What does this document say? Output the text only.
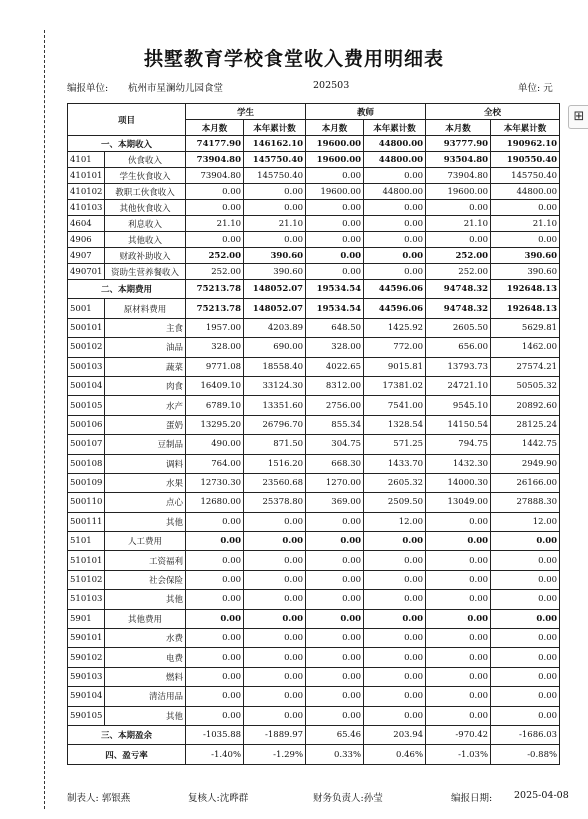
拱墅教育学校食堂收入费用明细表
编报单位: 杭州市星澜幼儿园食堂	202503	单位: 元
⊞
项目		学生		教师		全校	
		本月数	本年累计数	本月数	本年累计数	本月数	本年累计数
一、本期收入		74177.90	146162.10	19600.00	44800.00	93777.90	190962.10
4101	伙食收入	73904.80	145750.40	19600.00	44800.00	93504.80	190550.40
410101	学生伙食收入	73904.80	145750.40	0.00	0.00	73904.80	145750.40
410102	教职工伙食收入	0.00	0.00	19600.00	44800.00	19600.00	44800.00
410103	其他伙食收入	0.00	0.00	0.00	0.00	0.00	0.00
4604	利息收入	21.10	21.10	0.00	0.00	21.10	21.10
4906	其他收入	0.00	0.00	0.00	0.00	0.00	0.00
4907	财政补助收入	252.00	390.60	0.00	0.00	252.00	390.60
490701	资助生营养餐收入	252.00	390.60	0.00	0.00	252.00	390.60
二、本期费用		75213.78	148052.07	19534.54	44596.06	94748.32	192648.13
5001	原材料费用	75213.78	148052.07	19534.54	44596.06	94748.32	192648.13
500101	主食	1957.00	4203.89	648.50	1425.92	2605.50	5629.81
500102	油品	328.00	690.00	328.00	772.00	656.00	1462.00
500103	蔬菜	9771.08	18558.40	4022.65	9015.81	13793.73	27574.21
500104	肉食	16409.10	33124.30	8312.00	17381.02	24721.10	50505.32
500105	水产	6789.10	13351.60	2756.00	7541.00	9545.10	20892.60
500106	蛋奶	13295.20	26796.70	855.34	1328.54	14150.54	28125.24
500107	豆制品	490.00	871.50	304.75	571.25	794.75	1442.75
500108	调料	764.00	1516.20	668.30	1433.70	1432.30	2949.90
500109	水果	12730.30	23560.68	1270.00	2605.32	14000.30	26166.00
500110	点心	12680.00	25378.80	369.00	2509.50	13049.00	27888.30
500111	其他	0.00	0.00	0.00	12.00	0.00	12.00
5101	人工费用	0.00	0.00	0.00	0.00	0.00	0.00
510101	工资福利	0.00	0.00	0.00	0.00	0.00	0.00
510102	社会保险	0.00	0.00	0.00	0.00	0.00	0.00
510103	其他	0.00	0.00	0.00	0.00	0.00	0.00
5901	其他费用	0.00	0.00	0.00	0.00	0.00	0.00
590101	水费	0.00	0.00	0.00	0.00	0.00	0.00
590102	电费	0.00	0.00	0.00	0.00	0.00	0.00
590103	燃料	0.00	0.00	0.00	0.00	0.00	0.00
590104	清洁用品	0.00	0.00	0.00	0.00	0.00	0.00
590105	其他	0.00	0.00	0.00	0.00	0.00	0.00
三、本期盈余		-1035.88	-1889.97	65.46	203.94	-970.42	-1686.03
四、盈亏率		-1.40%	-1.29%	0.33%	0.46%	-1.03%	-0.88%
制表人: 郭银燕	复核人:沈晔群	财务负责人:孙莹	编报日期: 2025-04-08
